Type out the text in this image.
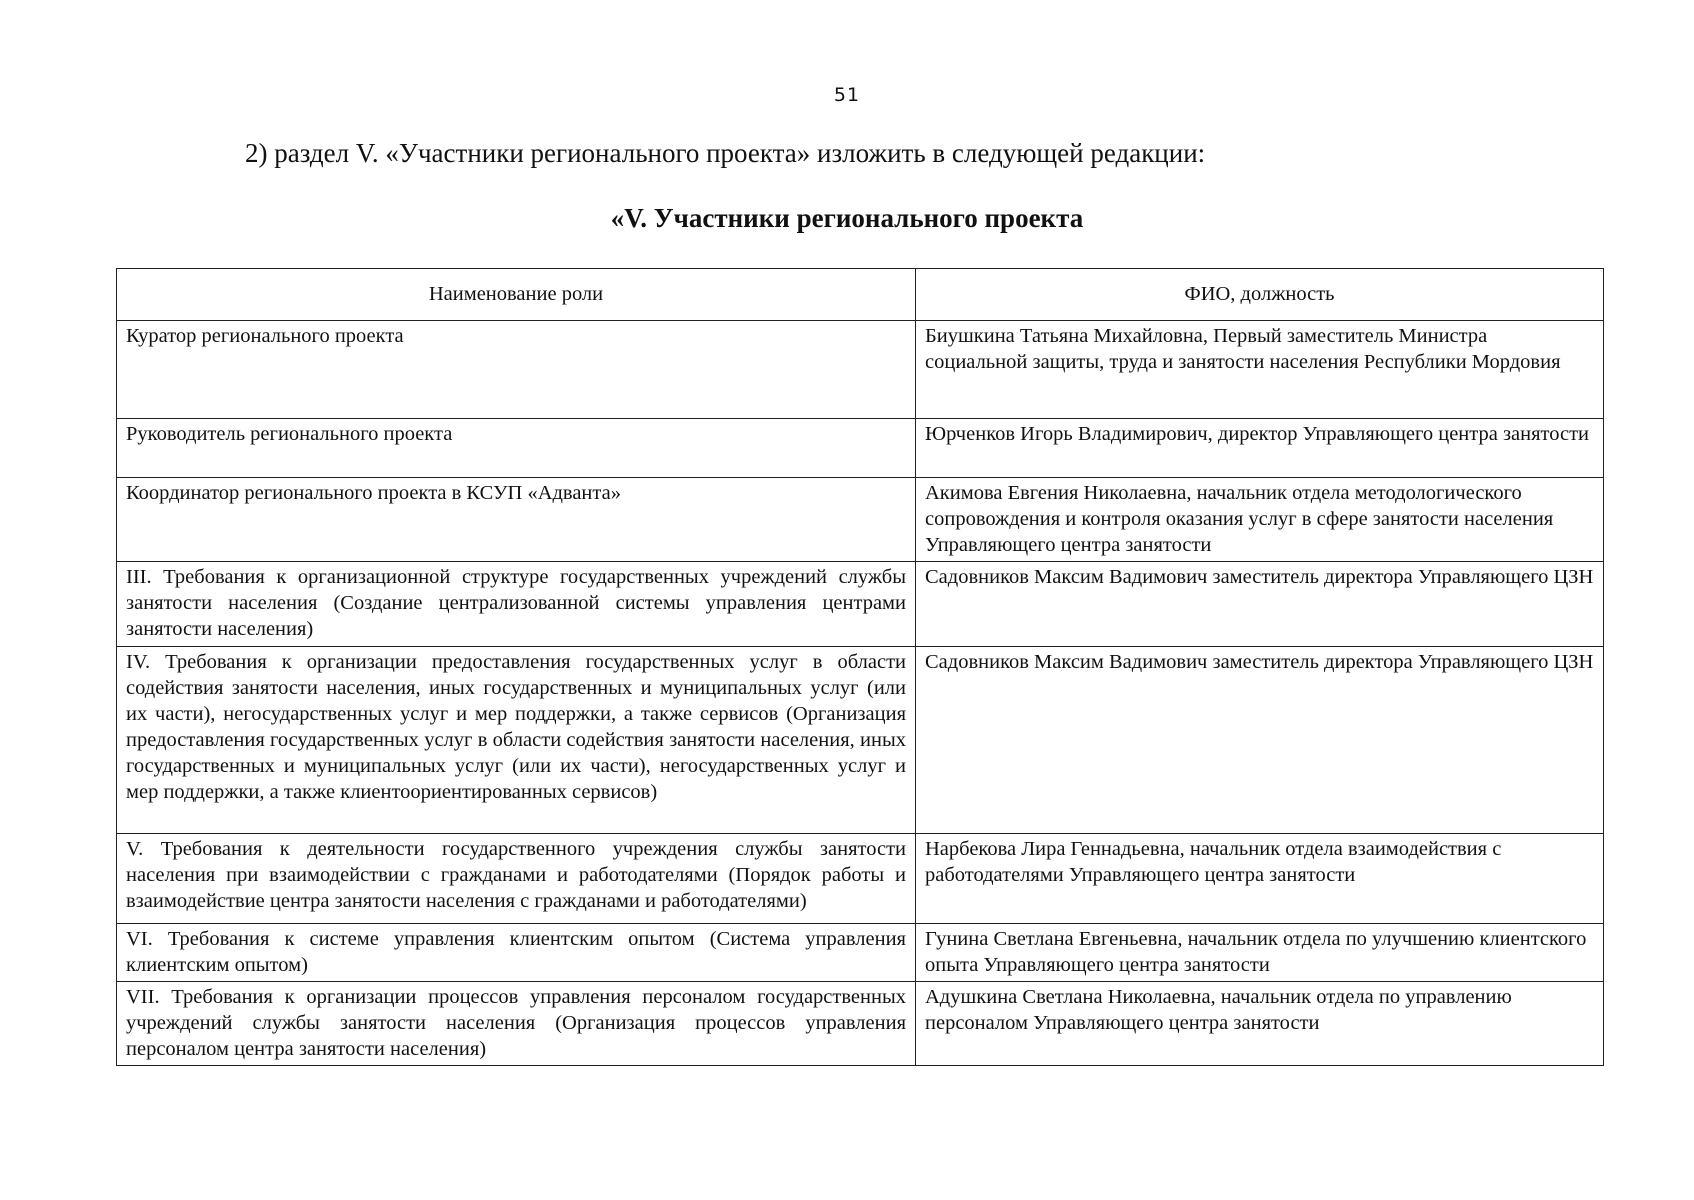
51
2) раздел V. «Участники регионального проекта» изложить в следующей редакции:
«V. Участники регионального проекта
Наименование роли	ФИО, должность
Куратор регионального проекта	Биушкина Татьяна Михайловна, Первый заместитель Министра социальной защиты, труда и занятости населения Республики Мордовия
Руководитель регионального проекта	Юрченков Игорь Владимирович, директор Управляющего центра занятости
Координатор регионального проекта в КСУП «Адванта»	Акимова Евгения Николаевна, начальник отдела методологического сопровождения и контроля оказания услуг в сфере занятости населения Управляющего центра занятости
III. Требования к организационной структуре государственных учреждений службы занятости населения (Создание централизованной системы управления центрами занятости населения)	Садовников Максим Вадимович заместитель директора Управляющего ЦЗН
IV. Требования к организации предоставления государственных услуг в области содействия занятости населения, иных государственных и муниципальных услуг (или их части), негосударственных услуг и мер поддержки, а также сервисов (Организация предоставления государственных услуг в области содействия занятости населения, иных государственных и муниципальных услуг (или их части), негосударственных услуг и мер поддержки, а также клиентоориентированных сервисов)	Садовников Максим Вадимович заместитель директора Управляющего ЦЗН
V. Требования к деятельности государственного учреждения службы занятости населения при взаимодействии с гражданами и работодателями (Порядок работы и взаимодействие центра занятости населения с гражданами и работодателями)	Нарбекова Лира Геннадьевна, начальник отдела взаимодействия с работодателями Управляющего центра занятости
VI. Требования к системе управления клиентским опытом (Система управления клиентским опытом)	Гунина Светлана Евгеньевна, начальник отдела по улучшению клиентского опыта Управляющего центра занятости
VII. Требования к организации процессов управления персоналом государственных учреждений службы занятости населения (Организация процессов управления персоналом центра занятости населения)	Адушкина Светлана Николаевна, начальник отдела по управлению персоналом Управляющего центра занятости
